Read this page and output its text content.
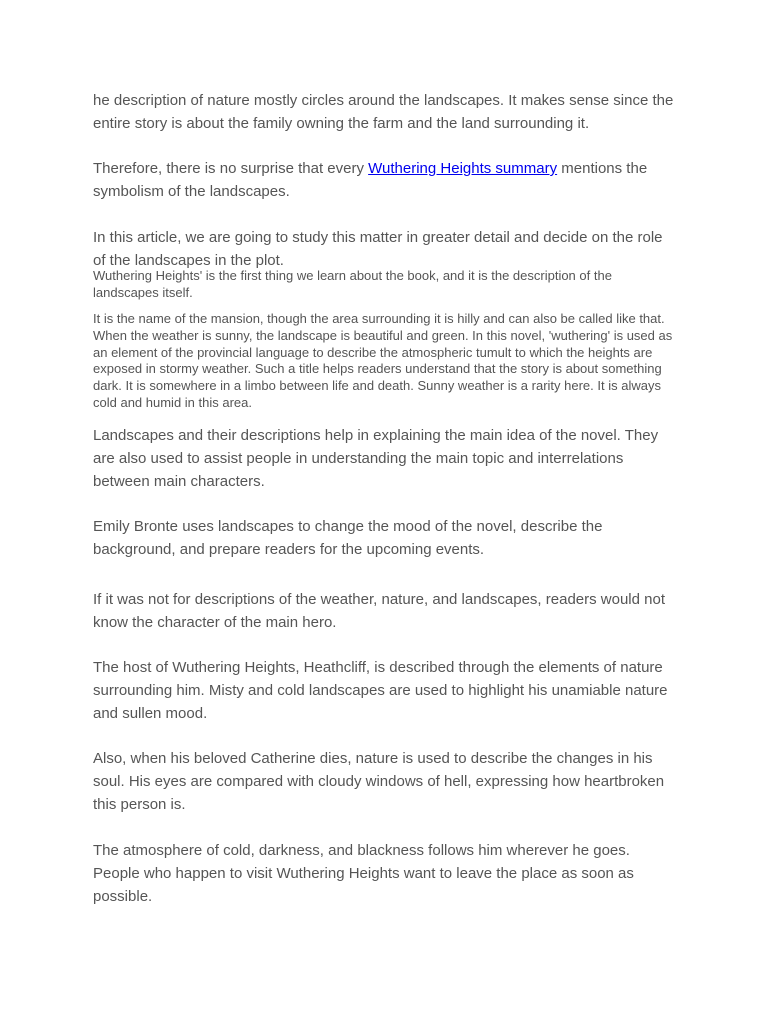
he description of nature mostly circles around the landscapes. It makes sense since the entire story is about the family owning the farm and the land surrounding it.

Therefore, there is no surprise that every Wuthering Heights summary mentions the symbolism of the landscapes.

In this article, we are going to study this matter in greater detail and decide on the role of the landscapes in the plot.

Wuthering Heights' is the first thing we learn about the book, and it is the description of the landscapes itself.

It is the name of the mansion, though the area surrounding it is hilly and can also be called like that. When the weather is sunny, the landscape is beautiful and green. In this novel, 'wuthering' is used as an element of the provincial language to describe the atmospheric tumult to which the heights are exposed in stormy weather. Such a title helps readers understand that the story is about something dark. It is somewhere in a limbo between life and death. Sunny weather is a rarity here. It is always cold and humid in this area.

Landscapes and their descriptions help in explaining the main idea of the novel. They are also used to assist people in understanding the main topic and interrelations between main characters.

Emily Bronte uses landscapes to change the mood of the novel, describe the background, and prepare readers for the upcoming events.

If it was not for descriptions of the weather, nature, and landscapes, readers would not know the character of the main hero.

The host of Wuthering Heights, Heathcliff, is described through the elements of nature surrounding him. Misty and cold landscapes are used to highlight his unamiable nature and sullen mood.

Also, when his beloved Catherine dies, nature is used to describe the changes in his soul. His eyes are compared with cloudy windows of hell, expressing how heartbroken this person is.

The atmosphere of cold, darkness, and blackness follows him wherever he goes. People who happen to visit Wuthering Heights want to leave the place as soon as possible.
